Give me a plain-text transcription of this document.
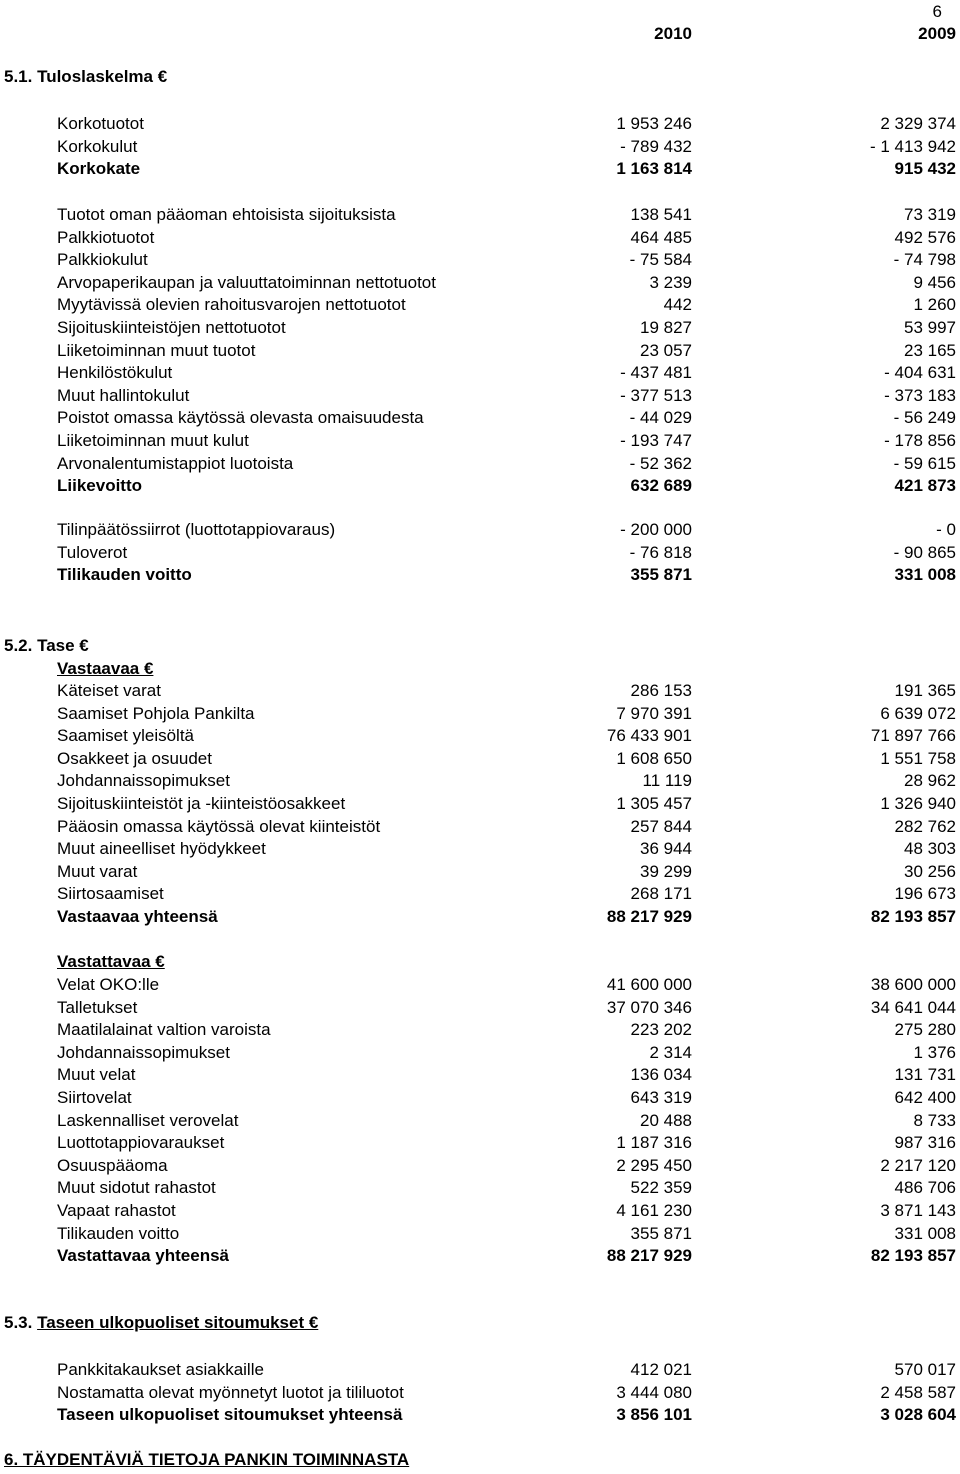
6
2010	2009
5.1. Tuloslaskelma €
Korkotuotot	1 953 246	2 329 374
Korkokulut	- 789 432	- 1 413 942
Korkokate	1 163 814	915 432
Tuotot oman pääoman ehtoisista sijoituksista	138 541	73 319
Palkkiotuotot	464 485	492 576
Palkkiokulut	- 75 584	- 74 798
Arvopaperikaupan ja valuuttatoiminnan nettotuotot	3 239	9 456
Myytävissä olevien rahoitusvarojen nettotuotot	442	1 260
Sijoituskiinteistöjen nettotuotot	19 827	53 997
Liiketoiminnan muut tuotot	23 057	23 165
Henkilöstökulut	- 437 481	- 404 631
Muut hallintokulut	- 377 513	- 373 183
Poistot omassa käytössä olevasta omaisuudesta	- 44 029	- 56 249
Liiketoiminnan muut kulut	- 193 747	- 178 856
Arvonalentumistappiot luotoista	- 52 362	- 59 615
Liikevoitto	632 689	421 873
Tilinpäätössiirrot (luottotappiovaraus)	- 200 000	- 0
Tuloverot	- 76 818	- 90 865
Tilikauden voitto	355 871	331 008
5.2. Tase €
Vastaavaa €
Käteiset varat	286 153	191 365
Saamiset Pohjola Pankilta	7 970 391	6 639 072
Saamiset yleisöltä	76 433 901	71 897 766
Osakkeet ja osuudet	1 608 650	1 551 758
Johdannaissopimukset	11 119	28 962
Sijoituskiinteistöt ja -kiinteistöosakkeet	1 305 457	1 326 940
Pääosin omassa käytössä olevat kiinteistöt	257 844	282 762
Muut aineelliset hyödykkeet	36 944	48 303
Muut varat	39 299	30 256
Siirtosaamiset	268 171	196 673
Vastaavaa yhteensä	88 217 929	82 193 857
Vastattavaa €
Velat OKO:lle	41 600 000	38 600 000
Talletukset	37 070 346	34 641 044
Maatilalainat valtion varoista	223 202	275 280
Johdannaissopimukset	2 314	1 376
Muut velat	136 034	131 731
Siirtovelat	643 319	642 400
Laskennalliset verovelat	20 488	8 733
Luottotappiovaraukset	1 187 316	987 316
Osuuspääoma	2 295 450	2 217 120
Muut sidotut rahastot	522 359	486 706
Vapaat rahastot	4 161 230	3 871 143
Tilikauden voitto	355 871	331 008
Vastattavaa yhteensä	88 217 929	82 193 857
5.3. Taseen ulkopuoliset sitoumukset €
Pankkitakaukset asiakkaille	412 021	570 017
Nostamatta olevat myönnetyt luotot ja tililuotot	3 444 080	2 458 587
Taseen ulkopuoliset sitoumukset yhteensä	3 856 101	3 028 604
6. TÄYDENTÄVIÄ TIETOJA PANKIN TOIMINNASTA
